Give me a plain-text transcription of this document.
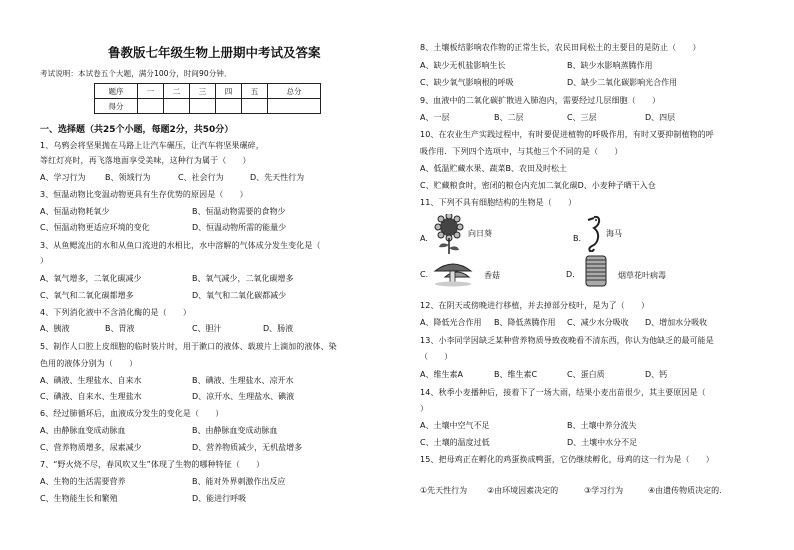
鲁教版七年级生物上册期中考试及答案
考试说明：本试卷五个大题，满分100分，时间90分钟．
题序	一	二	三	四	五	总分
得分						
一、选择题（共25个小题，每题2分，共50分）
1、乌鸦会将坚果抛在马路上让汽车碾压，让汽车将坚果碾碎，
等红灯亮时，再飞落地面享受美味，这种行为属于（　　）
A、学习行为 B、领域行为	C、社会行为	D、先天性行为
3、恒温动物比变温动物更具有生存优势的原因是（　　）
A、恒温动物耗氧少	B、恒温动物需要的食物少
C、恒温动物更适应环境的变化	D、恒温动物所需的能量少
3、从鱼鳃流出的水和从鱼口流进的水相比，水中溶解的气体成分发生变化是（
）
A、氧气增多，二氧化碳减少	B、氧气减少，二氧化碳增多
C、氧气和二氧化碳都增多	D、氧气和二氧化碳都减少
4、下列消化液中不含消化酶的是（　　）
A、胰液	B、胃液	C、胆汁	D、肠液
5、制作人口腔上皮细胞的临时装片时，用于漱口的液体、载玻片上滴加的液体、染
色用的液体分别为（　　）
A、碘液、生理盐水、自来水	B、碘液、生理盐水、凉开水
C、碘液、自来水、生理盐水	D、凉开水、生理盐水、碘液
6、经过肺循环后，血液成分发生的变化是（　　）
A、由静脉血变成动脉血	B、由静脉血变成动脉血
C、营养物质增多，尿素减少	D、营养物质减少，无机盐增多
7、“野火烧不尽，春风吹又生”体现了生物的哪种特征（　　）
A、生物的生活需要营养	B、能对外界刺激作出反应
C、生物能生长和繁殖	D、能进行呼吸
8、土壤板结影响农作物的正常生长，农民田间松土的主要目的是防止（　　）
A、缺少无机盐影响生长	B、缺少水影响蒸腾作用
C、缺少氧气影响根的呼吸	D、缺少二氧化碳影响光合作用
9、血液中的二氧化碳扩散进入肺泡内，需要经过几层细胞（　　）
A、一层	B、二层	C、三层	D、四层
10、在农业生产实践过程中，有时要促进植物的呼吸作用，有时又要抑制植物的呼
吸作用．下列四个选项中，与其他三个不同的是（　　）
A、低温贮藏水果、蔬菜B、农田及时松土
C、贮藏粮食时，密闭的粮仓内充加二氧化碳D、小麦种子晒干入仓
11、下列不具有细胞结构的生物是（　　）
A.
向日葵
B.
海马
C.	香菇	D.	烟草花叶病毒
12、在阴天或傍晚进行移植，并去掉部分枝叶，是为了（　　）
A、降低光合作用 B、降低蒸腾作用 C、减少水分吸收 D、增加水分吸收
13、小李同学因缺乏某种营养物质导致夜晚看不清东西，你认为他缺乏的最可能是
（　　）
A、维生素A	B、维生素C	C、蛋白质	D、钙
14、秋季小麦播种后，接着下了一场大雨，结果小麦出苗很少，其主要原因是（　　
）
A、土壤中空气不足	B、土壤中养分流失
C、土壤的温度过低	D、土壤中水分不足
15、把母鸡正在孵化的鸡蛋换成鸭蛋，它仍继续孵化，母鸡的这一行为是（　　）
①先天性行为 ②由环境因素决定的	③学习行为	④由遗传物质决定的.
